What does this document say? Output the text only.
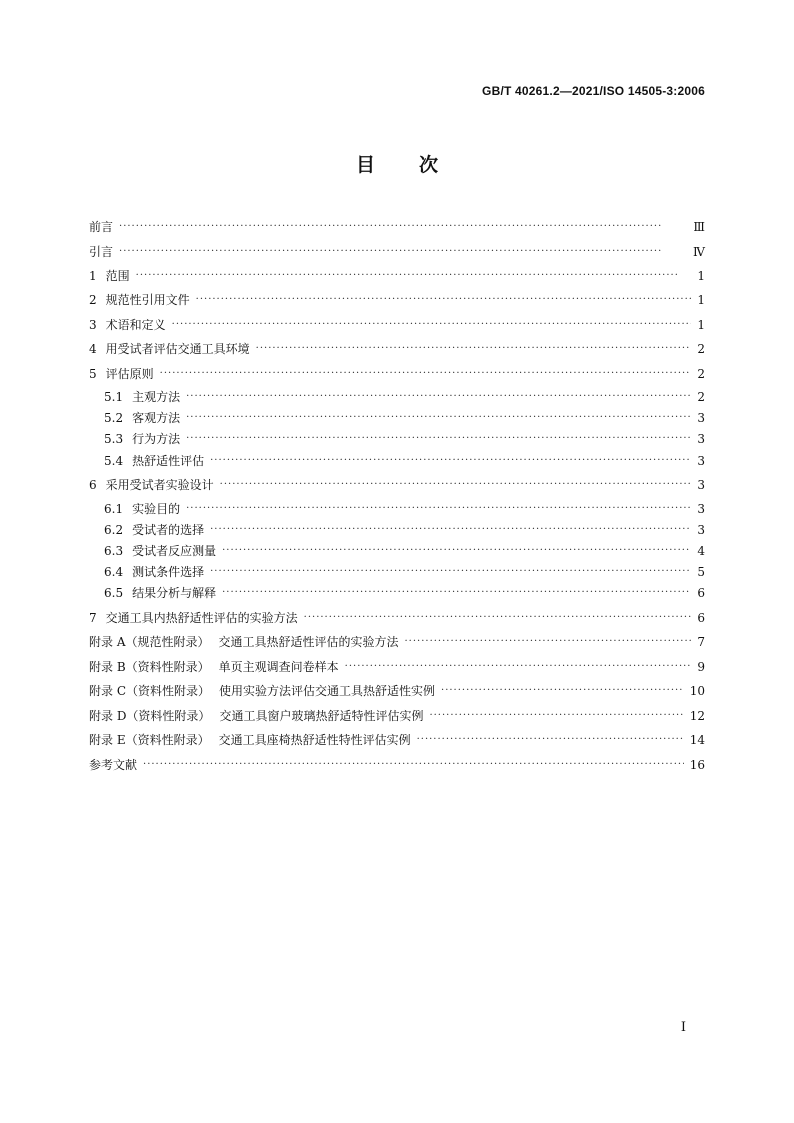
GB/T 40261.2—2021/ISO 14505-3:2006
目 次
前言 ·····	Ⅲ
引言 ·····	Ⅳ
1 范围 ·····	1
2 规范性引用文件 ·····	1
3 术语和定义 ·····	1
4 用受试者评估交通工具环境 ·····	2
5 评估原则 ·····	2
5.1 主观方法 ·····	2
5.2 客观方法 ·····	3
5.3 行为方法 ·····	3
5.4 热舒适性评估 ·····	3
6 采用受试者实验设计 ·····	3
6.1 实验目的 ·····	3
6.2 受试者的选择 ·····	3
6.3 受试者反应测量 ·····	4
6.4 测试条件选择 ·····	5
6.5 结果分析与解释 ·····	6
7 交通工具内热舒适性评估的实验方法 ·····	6
附录 A（规范性附录） 交通工具热舒适性评估的实验方法 ·····	7
附录 B（资料性附录） 单页主观调查问卷样本 ·····	9
附录 C（资料性附录） 使用实验方法评估交通工具热舒适性实例 ·····	10
附录 D（资料性附录） 交通工具窗户玻璃热舒适特性评估实例 ·····	12
附录 E（资料性附录） 交通工具座椅热舒适性特性评估实例 ·····	14
参考文献 ·····	16
I
